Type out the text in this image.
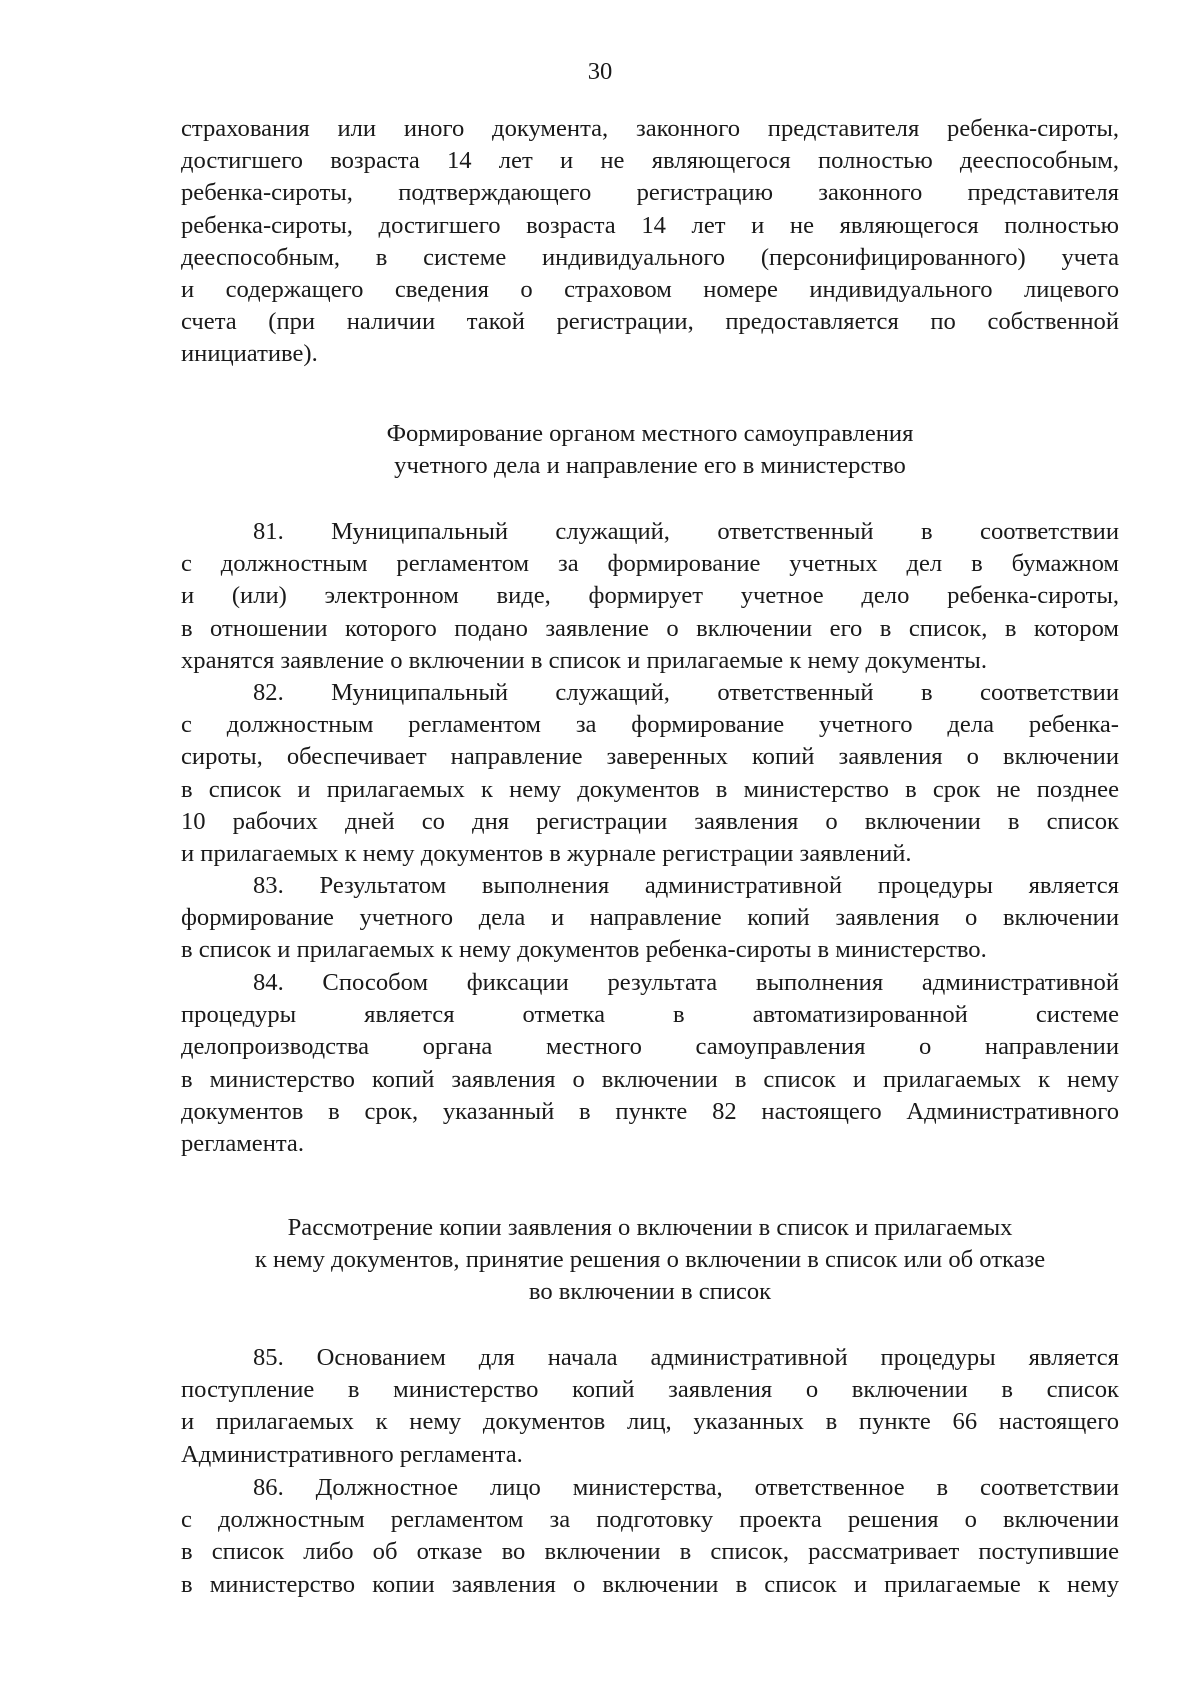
30
страхования или иного документа, законного представителя ребенка-сироты,
достигшего возраста 14 лет и не являющегося полностью дееспособным,
ребенка-сироты, подтверждающего регистрацию законного представителя
ребенка-сироты, достигшего возраста 14 лет и не являющегося полностью
дееспособным, в системе индивидуального (персонифицированного) учета
и содержащего сведения о страховом номере индивидуального лицевого
счета (при наличии такой регистрации, предоставляется по собственной
инициативе).
Формирование органом местного самоуправления
учетного дела и направление его в министерство
81. Муниципальный служащий, ответственный в соответствии
с должностным регламентом за формирование учетных дел в бумажном
и (или) электронном виде, формирует учетное дело ребенка-сироты,
в отношении которого подано заявление о включении его в список, в котором
хранятся заявление о включении в список и прилагаемые к нему документы.
82. Муниципальный служащий, ответственный в соответствии
с должностным регламентом за формирование учетного дела ребенка-
сироты, обеспечивает направление заверенных копий заявления о включении
в список и прилагаемых к нему документов в министерство в срок не позднее
10 рабочих дней со дня регистрации заявления о включении в список
и прилагаемых к нему документов в журнале регистрации заявлений.
83. Результатом выполнения административной процедуры является
формирование учетного дела и направление копий заявления о включении
в список и прилагаемых к нему документов ребенка-сироты в министерство.
84. Способом фиксации результата выполнения административной
процедуры является отметка в автоматизированной системе
делопроизводства органа местного самоуправления о направлении
в министерство копий заявления о включении в список и прилагаемых к нему
документов в срок, указанный в пункте 82 настоящего Административного
регламента.
Рассмотрение копии заявления о включении в список и прилагаемых
к нему документов, принятие решения о включении в список или об отказе
во включении в список
85. Основанием для начала административной процедуры является
поступление в министерство копий заявления о включении в список
и прилагаемых к нему документов лиц, указанных в пункте 66 настоящего
Административного регламента.
86. Должностное лицо министерства, ответственное в соответствии
с должностным регламентом за подготовку проекта решения о включении
в список либо об отказе во включении в список, рассматривает поступившие
в министерство копии заявления о включении в список и прилагаемые к нему
